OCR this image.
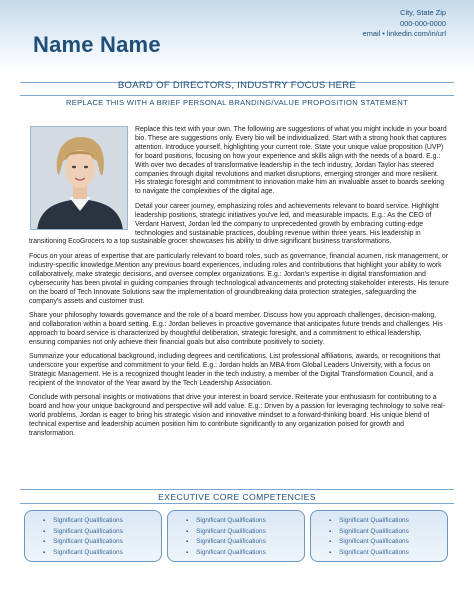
Name Name
City, State Zip
000-000-0000
email • linkedin.com/in/url
BOARD OF DIRECTORS, INDUSTRY FOCUS HERE
REPLACE THIS WITH A BRIEF PERSONAL BRANDING/VALUE PROPOSITION STATEMENT

Replace this text with your own. The following are suggestions of what you might include in your board bio. These are suggestions only. Every bio will be individualized. Start with a strong hook that captures attention. Introduce yourself, highlighting your current role. State your unique value proposition (UVP) for board positions, focusing on how your experience and skills align with the needs of a board. E.g.: With over two decades of transformative leadership in the tech industry, Jordan Taylor has steered companies through digital revolutions and market disruptions, emerging stronger and more resilient. His strategic foresight and commitment to innovation make him an invaluable asset to boards seeking to navigate the complexities of the digital age.

Detail your career journey, emphasizing roles and achievements relevant to board service. Highlight leadership positions, strategic initiatives you've led, and measurable impacts. E.g.: As the CEO of Verdant Harvest, Jordan led the company to unprecedented growth by embracing cutting-edge technologies and sustainable practices, doubling revenue within three years. His leadership in transitioning EcoGrocers to a top sustainable grocer showcases his ability to drive significant business transformations.

Focus on your areas of expertise that are particularly relevant to board roles, such as governance, financial acumen, risk management, or industry-specific knowledge.Mention any previous board experiences, including roles and contributions that highlight your ability to work collaboratively, make strategic decisions, and oversee complex organizations. E.g.: Jordan's expertise in digital transformation and cybersecurity has been pivotal in guiding companies through technological advancements and protecting stakeholder interests. His tenure on the board of Tech Innovate Solutions saw the implementation of groundbreaking data protection strategies, safeguarding the company's assets and customer trust.

Share your philosophy towards governance and the role of a board member. Discuss how you approach challenges, decision-making, and collaboration within a board setting. E.g.: Jordan believes in proactive governance that anticipates future trends and challenges. His approach to board service is characterized by thoughtful deliberation, strategic foresight, and a commitment to ethical leadership, ensuring companies not only achieve their financial goals but also contribute positively to society.

Summarize your educational background, including degrees and certifications. List professional affiliations, awards, or recognitions that underscore your expertise and commitment to your field. E.g.: Jordan holds an MBA from Global Leaders University, with a focus on Strategic Management. He is a recognized thought leader in the tech industry, a member of the Digital Transformation Council, and a recipient of the Innovator of the Year award by the Tech Leadership Association.

Conclude with personal insights or motivations that drive your interest in board service. Reiterate your enthusiasm for contributing to a board and how your unique background and perspective will add value. E.g.: Driven by a passion for leveraging technology to solve real-world problems, Jordan is eager to bring his strategic vision and innovative mindset to a forward-thinking board. His unique blend of technical expertise and leadership acumen position him to contribute significantly to any organization poised for growth and transformation.

EXECUTIVE CORE COMPETENCIES
▪ Significant Qualifications
▪ Significant Qualifications
▪ Significant Qualifications
▪ Significant Qualifications
▪ Significant Qualifications
▪ Significant Qualifications
▪ Significant Qualifications
▪ Significant Qualifications
▪ Significant Qualifications
▪ Significant Qualifications
▪ Significant Qualifications
▪ Significant Qualifications
